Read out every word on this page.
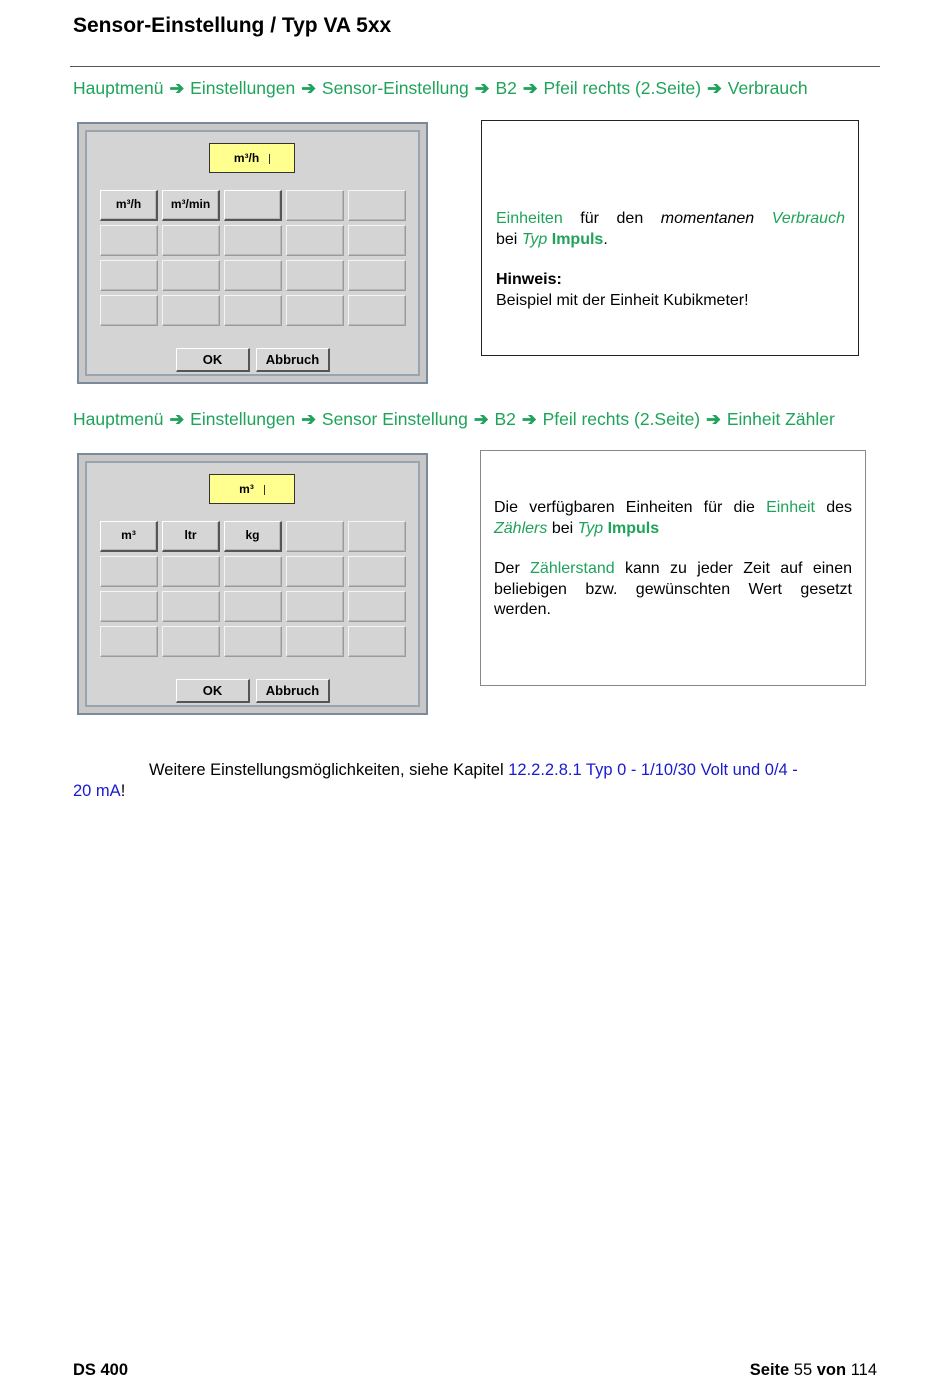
Sensor-Einstellung / Typ VA 5xx
Hauptmenü ➔ Einstellungen ➔ Sensor-Einstellung ➔ B2 ➔ Pfeil rechts (2.Seite) ➔ Verbrauch
m³/h
m³/h	m³/min
OK	Abbruch

Einheiten für den momentanen Verbrauch

bei Typ Impuls.

Hinweis:

Beispiel mit der Einheit Kubikmeter!

Hauptmenü ➔ Einstellungen ➔ Sensor Einstellung ➔ B2 ➔ Pfeil rechts (2.Seite) ➔ Einheit Zähler
m³
m³	ltr	kg
OK	Abbruch

Die verfügbaren Einheiten für die Einheit des

Zählers bei Typ Impuls

Der Zählerstand kann zu jeder Zeit auf einen beliebigen bzw. gewünschten Wert gesetzt werden.

Weitere Einstellungsmöglichkeiten, siehe Kapitel 12.2.2.8.1 Typ 0 - 1/10/30 Volt und 0/4 -
20 mA!
DS 400	Seite 55 von 114
